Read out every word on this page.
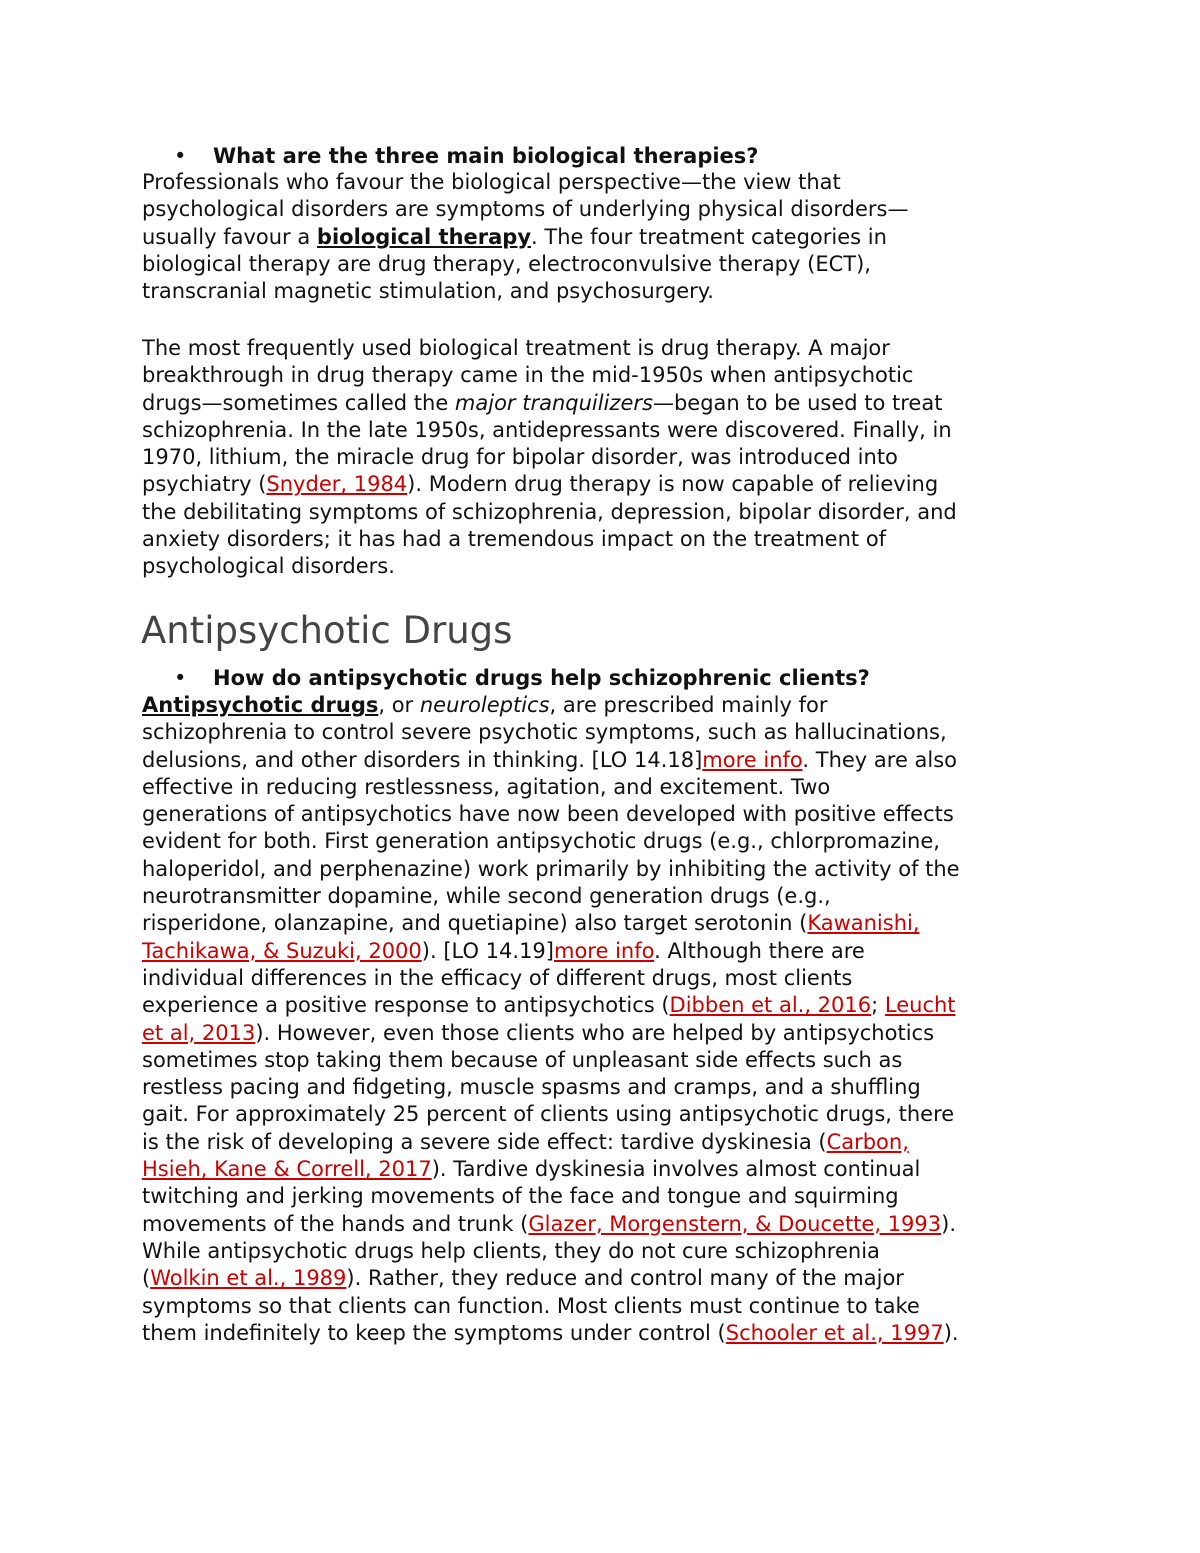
• What are the three main biological therapies?

Professionals who favour the biological perspective—the view that
psychological disorders are symptoms of underlying physical disorders—
usually favour a biological therapy. The four treatment categories in
biological therapy are drug therapy, electroconvulsive therapy (ECT),
transcranial magnetic stimulation, and psychosurgery.

The most frequently used biological treatment is drug therapy. A major
breakthrough in drug therapy came in the mid-1950s when antipsychotic
drugs—sometimes called the major tranquilizers—began to be used to treat
schizophrenia. In the late 1950s, antidepressants were discovered. Finally, in
1970, lithium, the miracle drug for bipolar disorder, was introduced into
psychiatry (Snyder, 1984). Modern drug therapy is now capable of relieving
the debilitating symptoms of schizophrenia, depression, bipolar disorder, and
anxiety disorders; it has had a tremendous impact on the treatment of
psychological disorders.

Antipsychotic Drugs
• How do antipsychotic drugs help schizophrenic clients?

Antipsychotic drugs, or neuroleptics, are prescribed mainly for
schizophrenia to control severe psychotic symptoms, such as hallucinations,
delusions, and other disorders in thinking. [LO 14.18]more info. They are also
effective in reducing restlessness, agitation, and excitement. Two
generations of antipsychotics have now been developed with positive effects
evident for both. First generation antipsychotic drugs (e.g., chlorpromazine,
haloperidol, and perphenazine) work primarily by inhibiting the activity of the
neurotransmitter dopamine, while second generation drugs (e.g.,
risperidone, olanzapine, and quetiapine) also target serotonin (Kawanishi,
Tachikawa, & Suzuki, 2000). [LO 14.19]more info. Although there are
individual differences in the efficacy of different drugs, most clients
experience a positive response to antipsychotics (Dibben et al., 2016; Leucht
et al, 2013). However, even those clients who are helped by antipsychotics
sometimes stop taking them because of unpleasant side effects such as
restless pacing and fidgeting, muscle spasms and cramps, and a shuffling
gait. For approximately 25 percent of clients using antipsychotic drugs, there
is the risk of developing a severe side effect: tardive dyskinesia (Carbon,
Hsieh, Kane & Correll, 2017). Tardive dyskinesia involves almost continual
twitching and jerking movements of the face and tongue and squirming
movements of the hands and trunk (Glazer, Morgenstern, & Doucette, 1993).
While antipsychotic drugs help clients, they do not cure schizophrenia
(Wolkin et al., 1989). Rather, they reduce and control many of the major
symptoms so that clients can function. Most clients must continue to take
them indefinitely to keep the symptoms under control (Schooler et al., 1997).
